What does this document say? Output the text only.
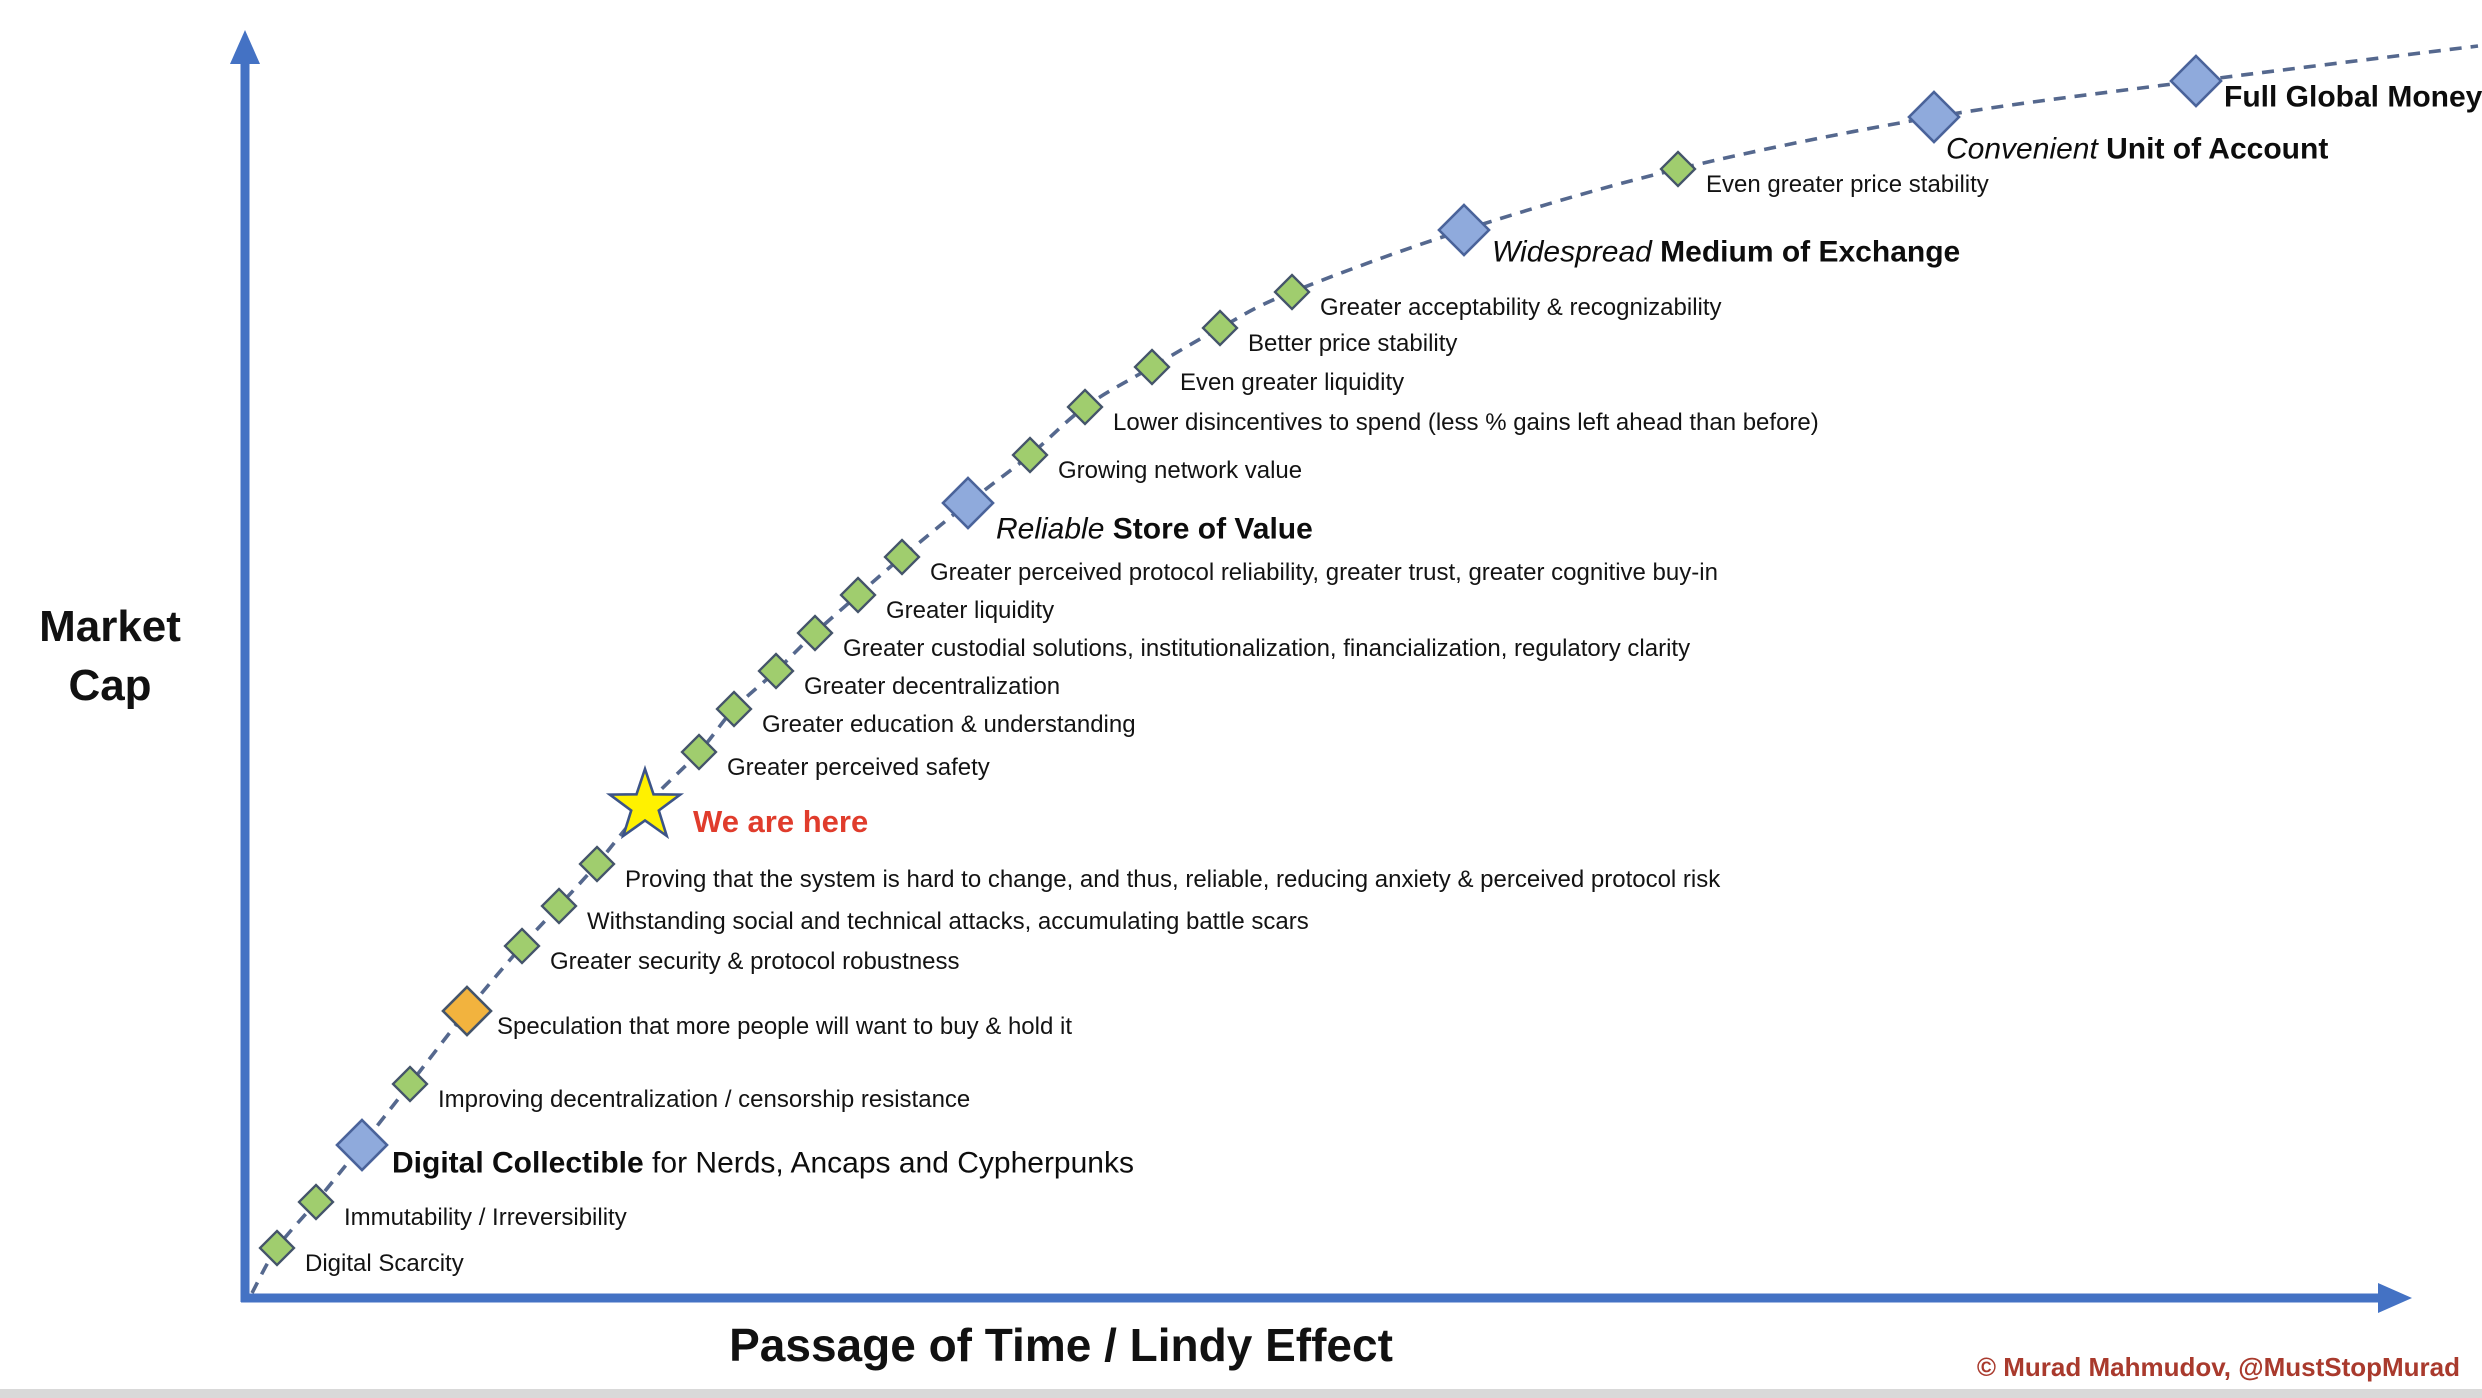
Digital Scarcity
Immutability / Irreversibility
Digital Collectible for Nerds, Ancaps and Cypherpunks
Improving decentralization / censorship resistance
Speculation that more people will want to buy & hold it
Greater security & protocol robustness
Withstanding social and technical attacks, accumulating battle scars
Proving that the system is hard to change, and thus, reliable, reducing anxiety & perceived protocol risk
We are here
Greater perceived safety
Greater education & understanding
Greater decentralization
Greater custodial solutions, institutionalization, financialization, regulatory clarity
Greater liquidity
Greater perceived protocol reliability, greater trust, greater cognitive buy-in
Reliable Store of Value
Growing network value
Lower disincentives to spend (less % gains left ahead than before)
Even greater liquidity
Better price stability
Greater acceptability & recognizability
Widespread Medium of Exchange
Even greater price stability
Convenient Unit of Account
Full Global Money
Market
Cap
Passage of Time / Lindy Effect	© Murad Mahmudov, @MustStopMurad
